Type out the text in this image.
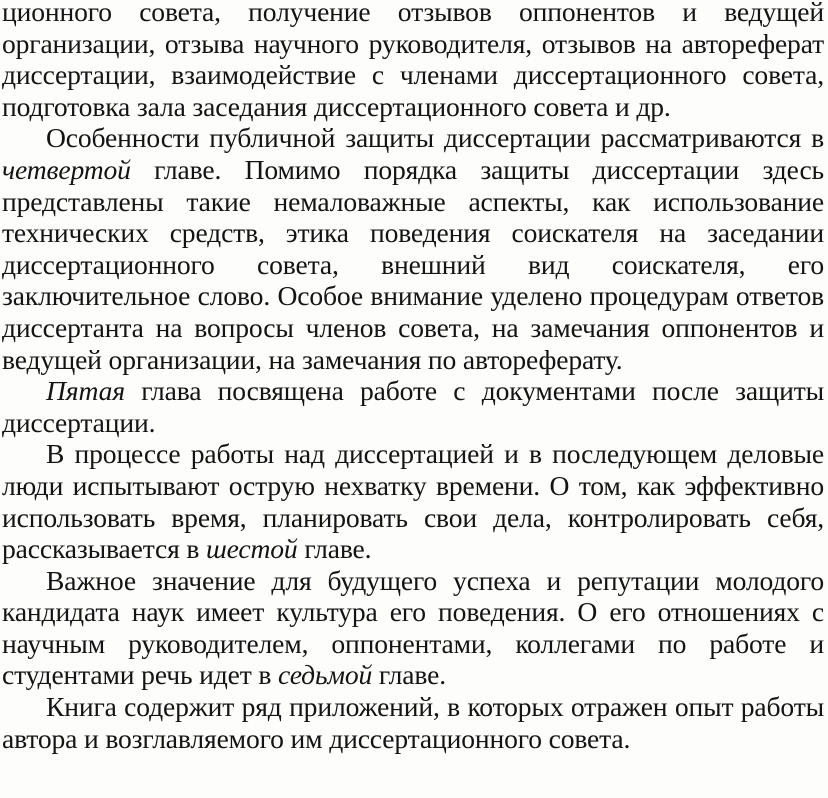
ционного совета, получение отзывов оппонентов и ведущей организации, отзыва научного руководителя, отзывов на автореферат диссертации, взаимодействие с членами диссертационного совета, подготовка зала заседания диссертационного совета и др.

Особенности публичной защиты диссертации рассматриваются в четвертой главе. Помимо порядка защиты диссертации здесь представлены такие немаловажные аспекты, как использование технических средств, этика поведения соискателя на заседании диссертационного совета, внешний вид соискателя, его заключительное слово. Особое внимание уделено процедурам ответов диссертанта на вопросы членов совета, на замечания оппонентов и ведущей организации, на замечания по автореферату.

Пятая глава посвящена работе с документами после защиты диссертации.

В процессе работы над диссертацией и в последующем деловые люди испытывают острую нехватку времени. О том, как эффективно использовать время, планировать свои дела, контролировать себя, рассказывается в шестой главе.

Важное значение для будущего успеха и репутации молодого кандидата наук имеет культура его поведения. О его отношениях с научным руководителем, оппонентами, коллегами по работе и студентами речь идет в седьмой главе.

Книга содержит ряд приложений, в которых отражен опыт работы автора и возглавляемого им диссертационного совета.
